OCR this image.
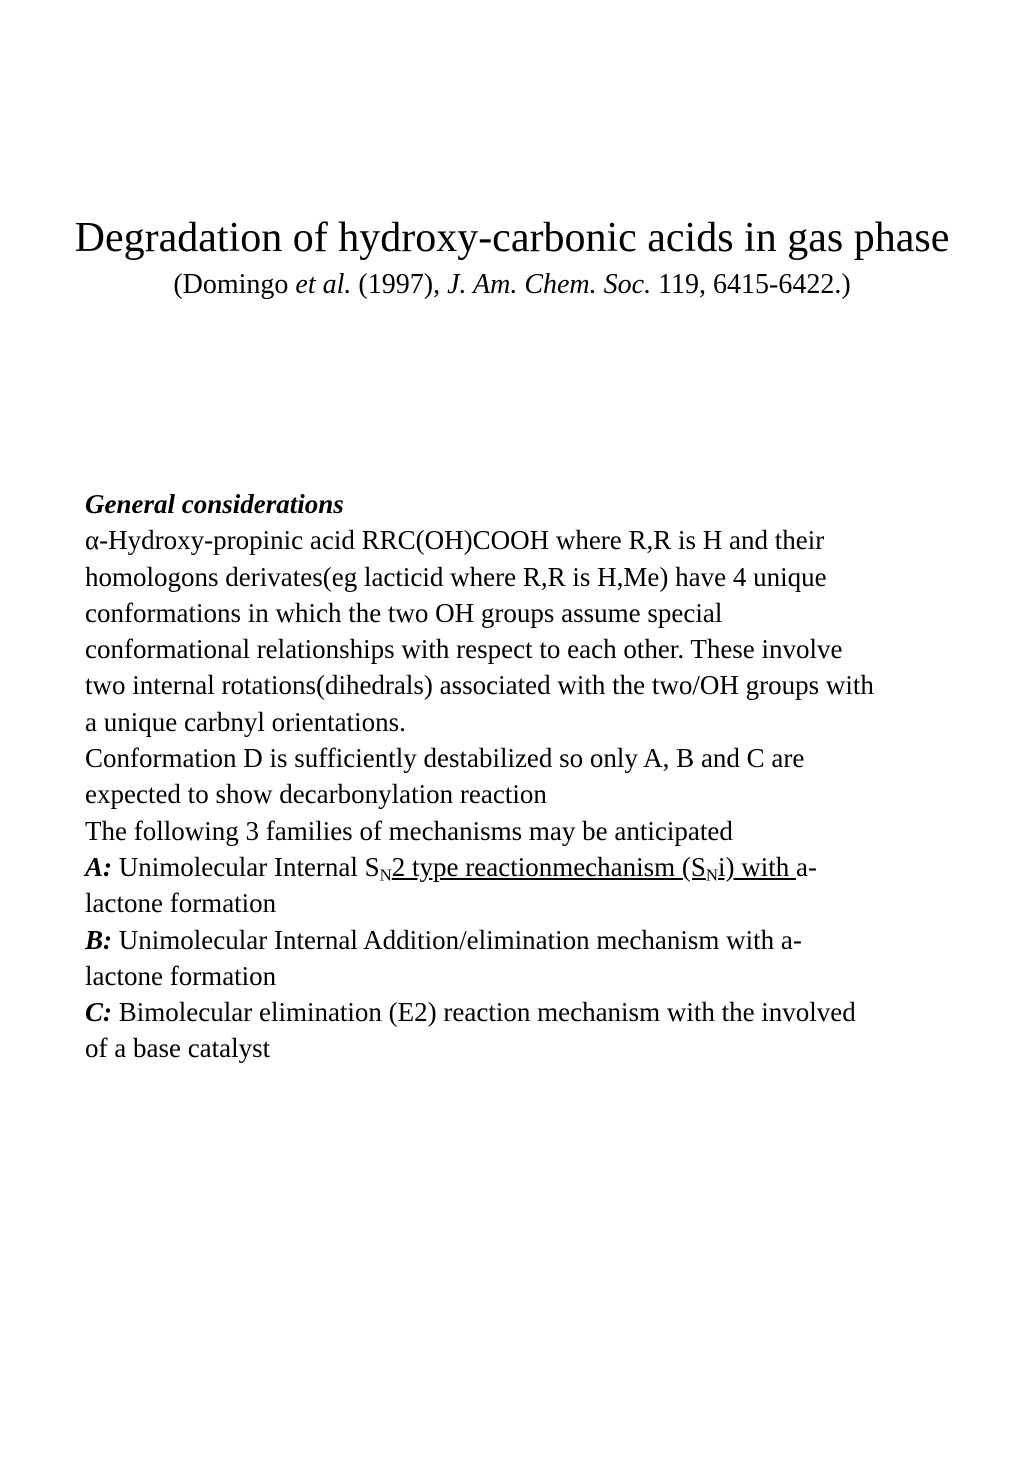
Degradation of hydroxy-carbonic acids in gas phase
(Domingo et al. (1997), J. Am. Chem. Soc. 119, 6415-6422.)
General considerations
α-Hydroxy-propinic acid RRC(OH)COOH where R,R is H and their
homologons derivates(eg lacticid where R,R is H,Me) have 4 unique
conformations in which the two OH groups assume special
conformational relationships with respect to each other. These involve
two internal rotations(dihedrals) associated with the two/OH groups with
a unique carbnyl orientations.
Conformation D is sufficiently destabilized so only A, B and C are
expected to show decarbonylation reaction
The following 3 families of mechanisms may be anticipated
A: Unimolecular Internal $S_N2$ type reactionmechanism $(S_Ni)$ with a-
lactone formation
B: Unimolecular Internal Addition/elimination mechanism with a-
lactone formation
C: Bimolecular elimination (E2) reaction mechanism with the involved
of a base catalyst
